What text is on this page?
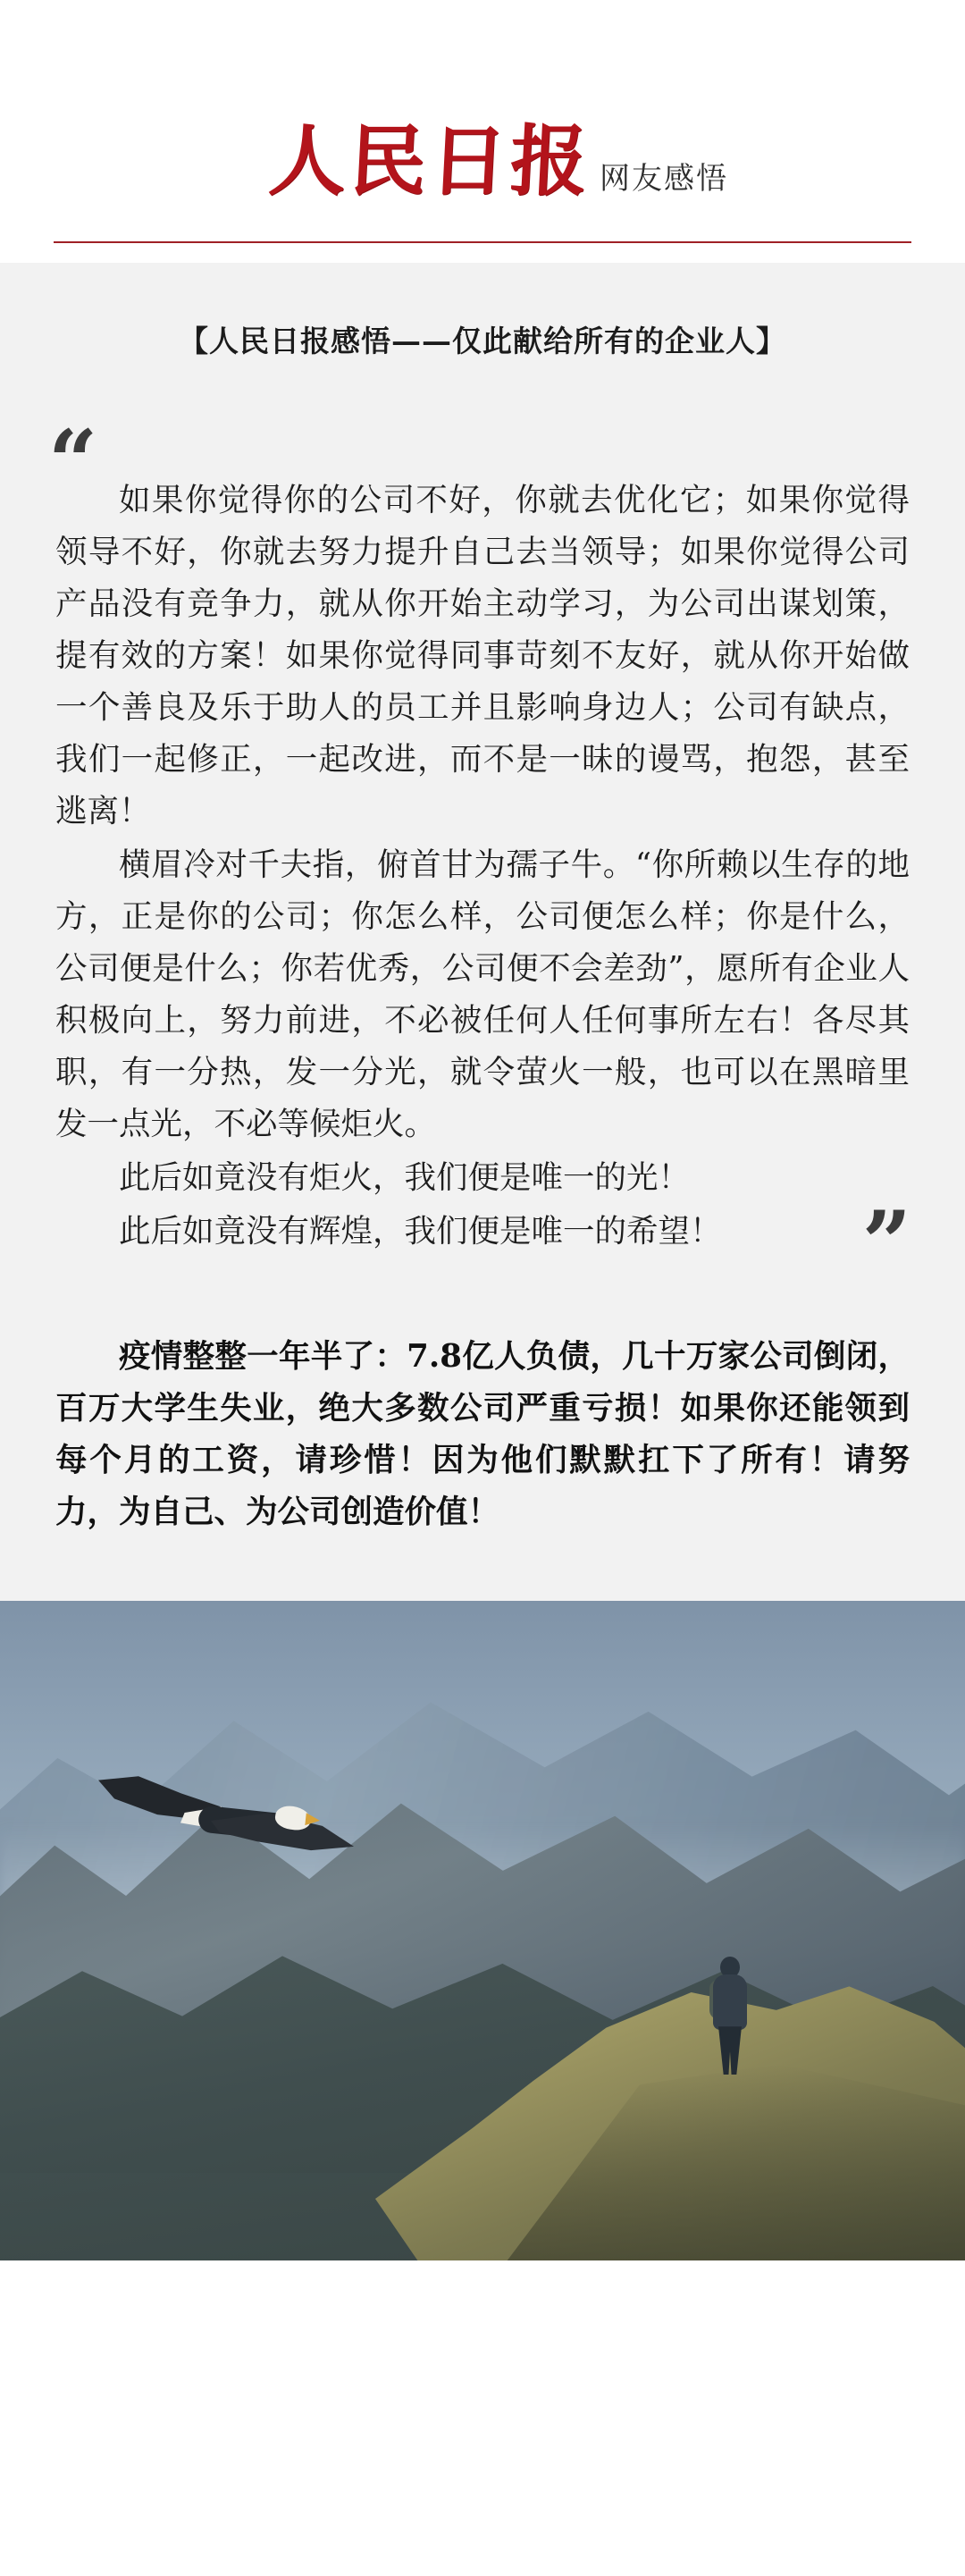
人民日报 网友感悟
【人民日报感悟——仅此献给所有的企业人】
“ 如果你觉得你的公司不好，你就去优化它；如果你觉得领导不好，你就去努力提升自己去当领导；如果你觉得公司产品没有竞争力，就从你开始主动学习，为公司出谋划策，提有效的方案！如果你觉得同事苛刻不友好，就从你开始做一个善良及乐于助人的员工并且影响身边人；公司有缺点，我们一起修正，一起改进，而不是一昧的谩骂，抱怨，甚至逃离！

横眉冷对千夫指，俯首甘为孺子牛。“你所赖以生存的地方，正是你的公司；你怎么样，公司便怎么样；你是什么，公司便是什么；你若优秀，公司便不会差劲”，愿所有企业人积极向上，努力前进，不必被任何人任何事所左右！各尽其职，有一分热，发一分光，就令萤火一般，也可以在黑暗里发一点光，不必等候炬火。

此后如竟没有炬火，我们便是唯一的光！

此后如竟没有辉煌，我们便是唯一的希望！	”

疫情整整一年半了：7.8亿人负债，几十万家公司倒闭，百万大学生失业，绝大多数公司严重亏损！如果你还能领到每个月的工资，请珍惜！因为他们默默扛下了所有！请努力，为自己、为公司创造价值！
